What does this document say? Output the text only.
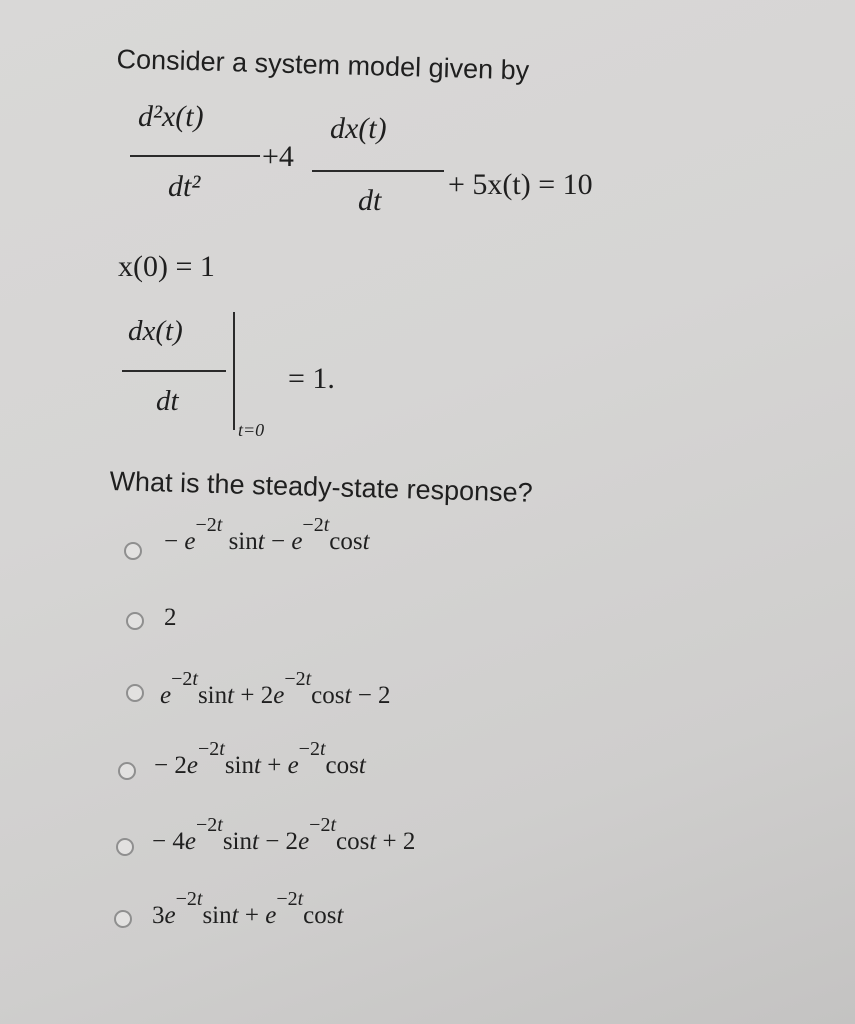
Consider a system model given by
d²x(t)
dt²
+4
dx(t)
dt + 5x(t) = 10
x(0) = 1
dx(t)
dt
t=0
= 1.
What is the steady-state response?
− $e^{-2t}$ $\sin t - e^{-2t}\cos t$
2
$e^{-2t}\sin t + 2e^{-2t}\cos t - 2$
− $2e^{-2t}\sin t + e^{-2t}\cos t$
− $4e^{-2t}\sin t - 2e^{-2t}\cos t + 2$
$3e^{-2t}\sin t + e^{-2t}\cos t$
